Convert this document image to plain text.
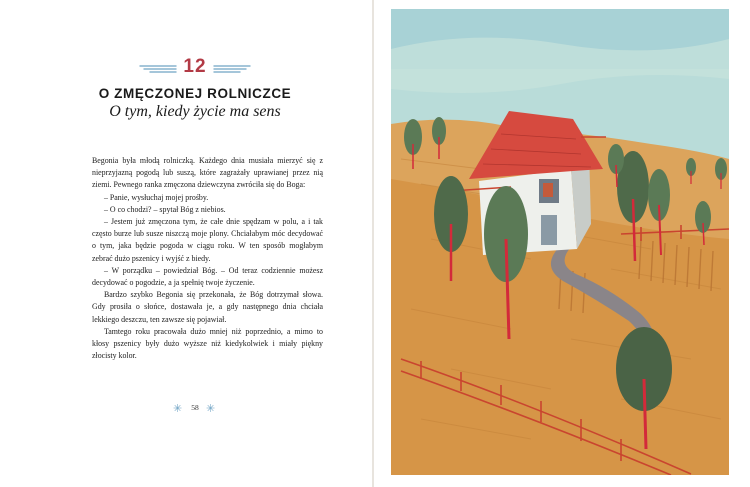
12
O ZMĘCZONEJ ROLNICZCE
O tym, kiedy życie ma sens

Begonia była młodą rolniczką. Każdego dnia musiała mierzyć się z nieprzyjazną pogodą lub suszą, które zagrażały uprawianej przez nią ziemi. Pewnego ranka zmęczona dziewczyna zwróciła się do Boga:

– Panie, wysłuchaj mojej prośby.

– O co chodzi? – spytał Bóg z niebios.

– Jestem już zmęczona tym, że całe dnie spędzam w polu, a i tak często burze lub susze niszczą moje plony. Chciałabym móc decydować o tym, jaka będzie pogoda w ciągu roku. W ten sposób mogłabym zebrać dużo pszenicy i wyjść z biedy.

– W porządku – powiedział Bóg. – Od teraz codziennie możesz decydować o pogodzie, a ja spełnię twoje życzenie.

Bardzo szybko Begonia się przekonała, że Bóg dotrzymał słowa. Gdy prosiła o słońce, dostawała je, a gdy następnego dnia chciała lekkiego deszczu, ten zawsze się pojawiał.

Tamtego roku pracowała dużo mniej niż poprzednio, a mimo to kłosy pszenicy były dużo wyższe niż kiedykolwiek i miały piękny złocisty kolor.

✳	58 ✳
